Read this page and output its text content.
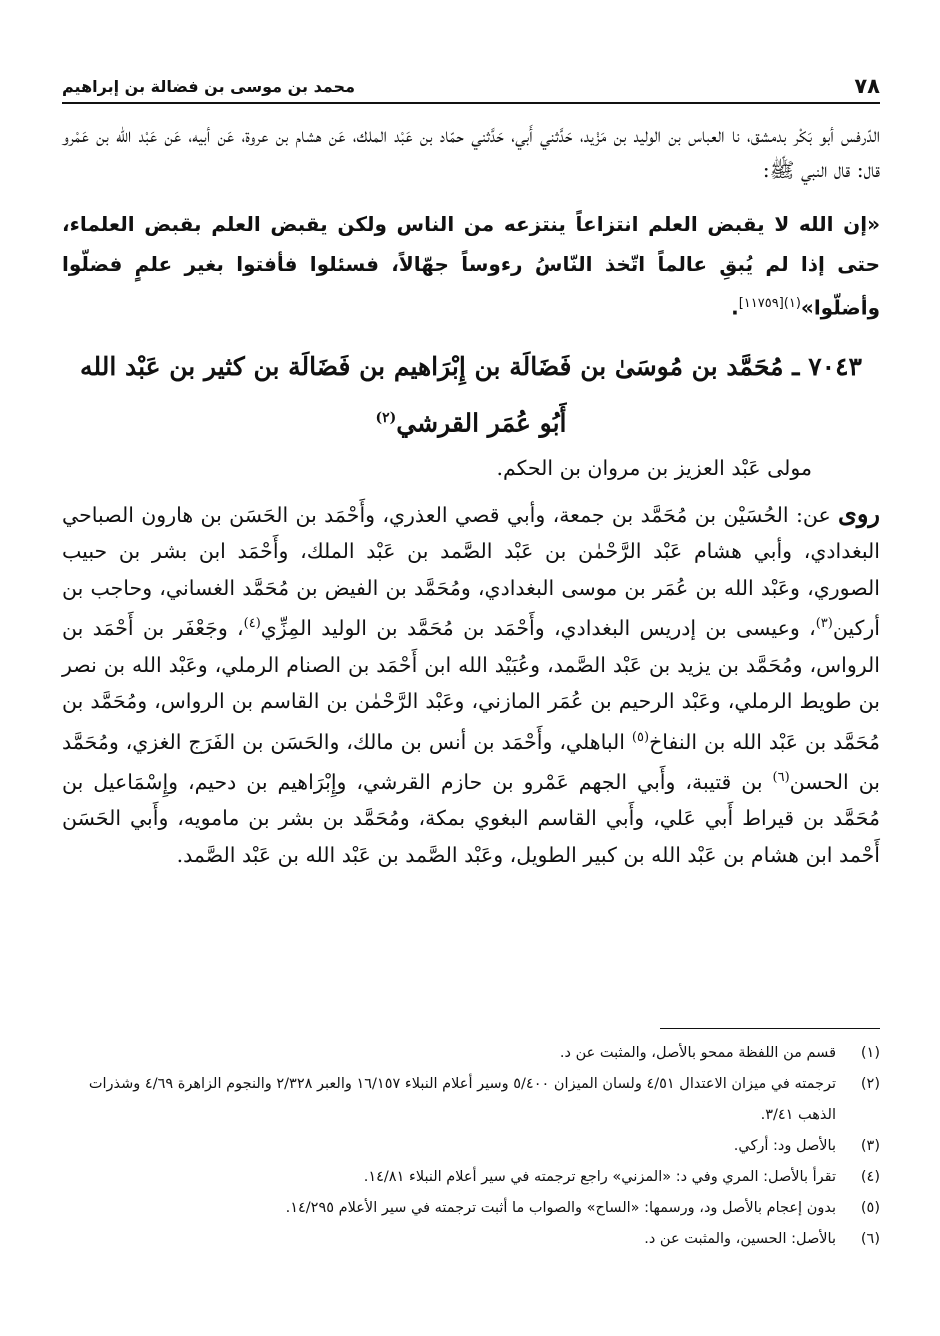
٧٨
محمد بن موسى بن فضالة بن إبراهيم

الدّرفس أبو بَكْر بدمشق، نا العباس بن الوليد بن مَزْيد، حَدَّثني أَبي، حَدَّثني حمّاد بن عَبْد الملك، عَن هشام بن عروة، عَن أبيه، عَن عَبْد الله بن عَمْرو قال: قال النبي ﷺ:

«إن الله لا يقبض العلم انتزاعاً ينتزعه من الناس ولكن يقبض العلم بقبض العلماء، حتى إذا لم يُبقِ عالماً اتّخذ النّاسُ رءوساً جهّالاً، فسئلوا فأفتوا بغير علمٍ فضلّوا وأضلّوا»$^{(١)[١١٧٥٩]}$.

٧٠٤٣ ـ مُحَمَّد بن مُوسَىٰ بن فَضَالَة بن إِبْرَاهيم بن فَضَالَة بن كثير بن عَبْد الله
أَبُو عُمَر القرشي$^{(٢)}$

مولى عَبْد العزيز بن مروان بن الحكم.

روى عن: الحُسَيْن بن مُحَمَّد بن جمعة، وأبي قصي العذري، وأَحْمَد بن الحَسَن بن هارون الصباحي البغدادي، وأبي هشام عَبْد الرَّحْمٰن بن عَبْد الصَّمد بن عَبْد الملك، وأَحْمَد ابن بشر بن حبيب الصوري، وعَبْد الله بن عُمَر بن موسى البغدادي، ومُحَمَّد بن الفيض بن مُحَمَّد الغساني، وحاجب بن أركين$^{(٣)}$، وعيسى بن إدريس البغدادي، وأَحْمَد بن مُحَمَّد بن الوليد المِزِّي$^{(٤)}$، وجَعْفَر بن أَحْمَد بن الرواس، ومُحَمَّد بن يزيد بن عَبْد الصَّمد، وعُبَيْد الله ابن أَحْمَد بن الصنام الرملي، وعَبْد الله بن نصر بن طويط الرملي، وعَبْد الرحيم بن عُمَر المازني، وعَبْد الرَّحْمٰن بن القاسم بن الرواس، ومُحَمَّد بن مُحَمَّد بن عَبْد الله بن النفاخ$^{(٥)}$ الباهلي، وأَحْمَد بن أنس بن مالك، والحَسَن بن الفَرَج الغزي، ومُحَمَّد بن الحسن$^{(٦)}$ بن قتيبة، وأَبي الجهم عَمْرو بن حازم القرشي، وإِبْرَاهيم بن دحيم، وإِسْمَاعيل بن مُحَمَّد بن قيراط أَبي عَلي، وأَبي القاسم البغوي بمكة، ومُحَمَّد بن بشر بن مامويه، وأَبي الحَسَن أَحْمد ابن هشام بن عَبْد الله بن كبير الطويل، وعَبْد الصَّمد بن عَبْد الله بن عَبْد الصَّمد.

(١)
قسم من اللفظة ممحو بالأصل، والمثبت عن د.
(٢)
ترجمته في ميزان الاعتدال ٤/٥١ ولسان الميزان ٥/٤٠٠ وسير أعلام النبلاء ١٦/١٥٧ والعبر ٢/٣٢٨ والنجوم الزاهرة ٤/٦٩ وشذرات الذهب ٣/٤١.
(٣)
بالأصل ود: أركي.
(٤)
تقرأ بالأصل: المري وفي د: «المزني» راجع ترجمته في سير أعلام النبلاء ١٤/٨١.
(٥)
بدون إعجام بالأصل ود، ورسمها: «الساح» والصواب ما أثبت ترجمته في سير الأعلام ١٤/٢٩٥.
(٦)
بالأصل: الحسين، والمثبت عن د.
